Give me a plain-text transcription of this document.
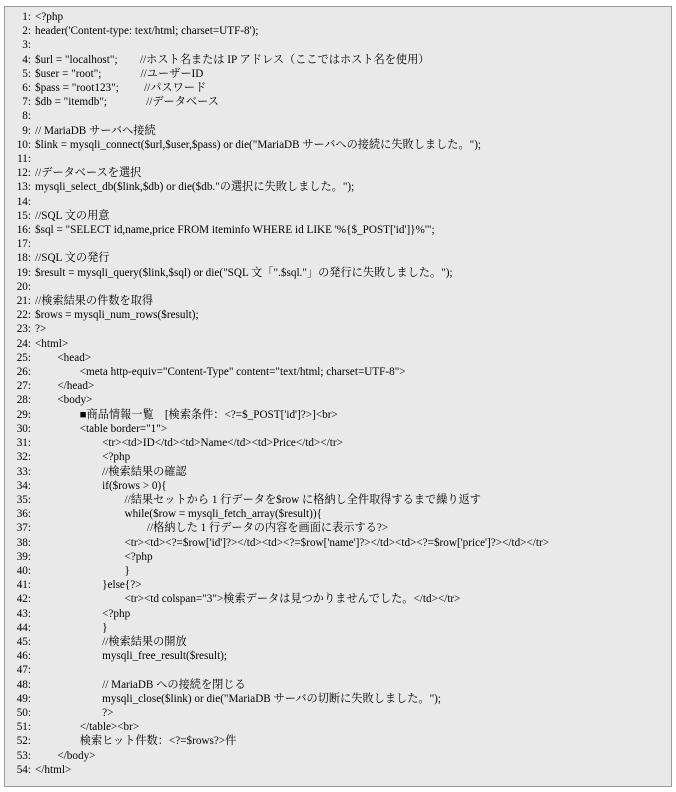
1: <?php
2: header('Content-type: text/html; charset=UTF-8');
3:
4: $url = "localhost";        //ホスト名または IP アドレス（ここではホスト名を使用）
5: $user = "root";              //ユーザーID
6: $pass = "root123";         //パスワード
7: $db = "itemdb";              //データベース
8:
9: // MariaDB サーバへ接続
10: $link = mysqli_connect($url,$user,$pass) or die("MariaDB サーバへの接続に失敗しました。");
11:
12: //データベースを選択
13: mysqli_select_db($link,$db) or die($db."の選択に失敗しました。");
14:
15: //SQL 文の用意
16: $sql = "SELECT id,name,price FROM iteminfo WHERE id LIKE '%{$_POST['id']}%'";
17:
18: //SQL 文の発行
19: $result = mysqli_query($link,$sql) or die("SQL 文「".$sql."」の発行に失敗しました。");
20:
21: //検索結果の件数を取得
22: $rows = mysqli_num_rows($result);
23: ?>
24: <html>
25: <head>
26: <meta http-equiv="Content-Type" content="text/html; charset=UTF-8">
27: </head>
28: <body>
29: ■商品情報一覧　[検索条件：<?=$_POST['id']?>]<br>
30: <table border="1">
31: <tr><td>ID</td><td>Name</td><td>Price</td></tr>
32: <?php
33: //検索結果の確認
34: if($rows > 0){
35: //結果セットから 1 行データを$row に格納し全件取得するまで繰り返す
36: while($row = mysqli_fetch_array($result)){
37: //格納した 1 行データの内容を画面に表示する?>
38: <tr><td><?=$row['id']?></td><td><?=$row['name']?></td><td><?=$row['price']?></td></tr>
39: <?php
40: }
41: }else{?>
42: <tr><td colspan="3">検索データは見つかりませんでした。</td></tr>
43: <?php
44: }
45: //検索結果の開放
46: mysqli_free_result($result);
47:
48: // MariaDB への接続を閉じる
49: mysqli_close($link) or die("MariaDB サーバの切断に失敗しました。");
50: ?>
51: </table><br>
52: 検索ヒット件数：<?=$rows?>件
53: </body>
54: </html>
